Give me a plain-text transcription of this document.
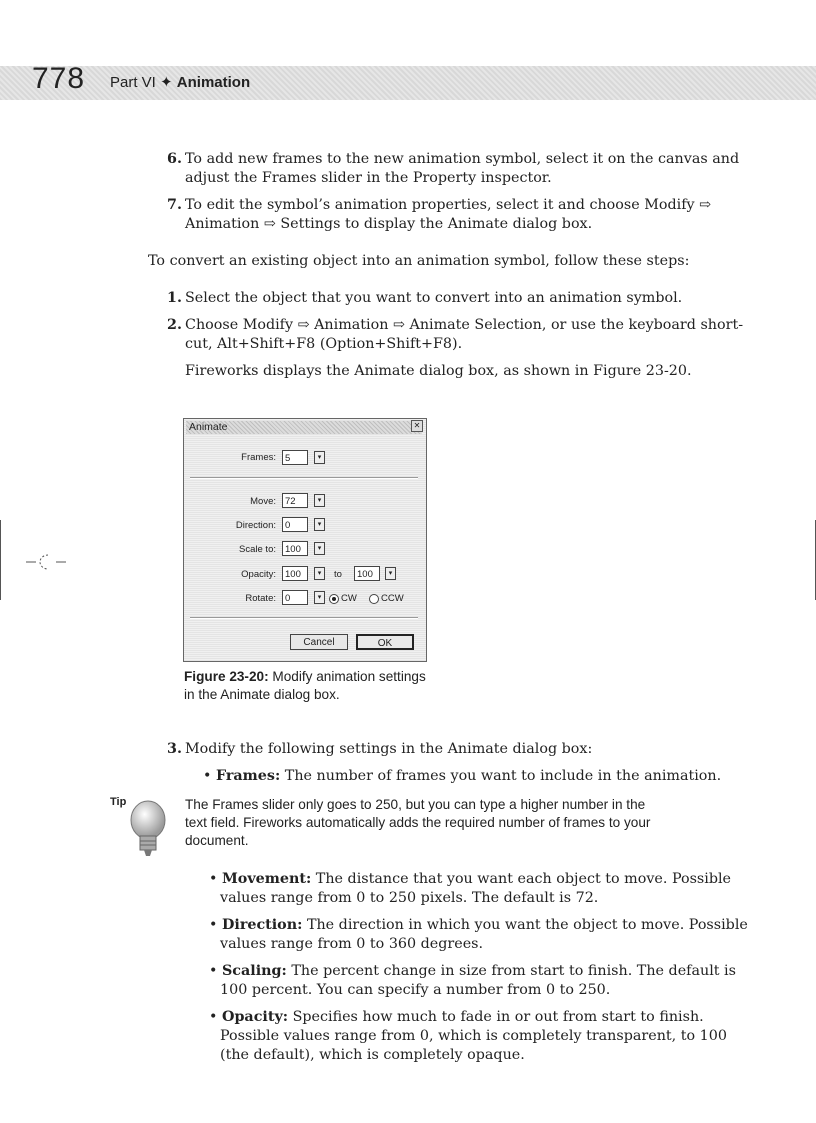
778 Part VI ✦ Animation
6. To add new frames to the new animation symbol, select it on the canvas and
adjust the Frames slider in the Property inspector.
7. To edit the symbol’s animation properties, select it and choose Modify ⇨
Animation ⇨ Settings to display the Animate dialog box.
To convert an existing object into an animation symbol, follow these steps:
1. Select the object that you want to convert into an animation symbol.
2. Choose Modify ⇨ Animation ⇨ Animate Selection, or use the keyboard short-
cut, Alt+Shift+F8 (Option+Shift+F8).
Fireworks displays the Animate dialog box, as shown in Figure 23-20.
Animate	✕
Frames: 5	▾
Move: 72	▾
Direction: 0	▾
Scale to: 100	▾
Opacity: 100	▾	to	100	▾
Rotate: 0	▾	CW	CCW
Cancel	OK
Figure 23-20: Modify animation settings
in the Animate dialog box.
3. Modify the following settings in the Animate dialog box:
• Frames: The number of frames you want to include in the animation.
Tip	The Frames slider only goes to 250, but you can type a higher number in the
text field. Fireworks automatically adds the required number of frames to your
document.
• Movement: The distance that you want each object to move. Possible
values range from 0 to 250 pixels. The default is 72.
• Direction: The direction in which you want the object to move. Possible
values range from 0 to 360 degrees.
• Scaling: The percent change in size from start to finish. The default is
100 percent. You can specify a number from 0 to 250.
• Opacity: Specifies how much to fade in or out from start to finish.
Possible values range from 0, which is completely transparent, to 100
(the default), which is completely opaque.
